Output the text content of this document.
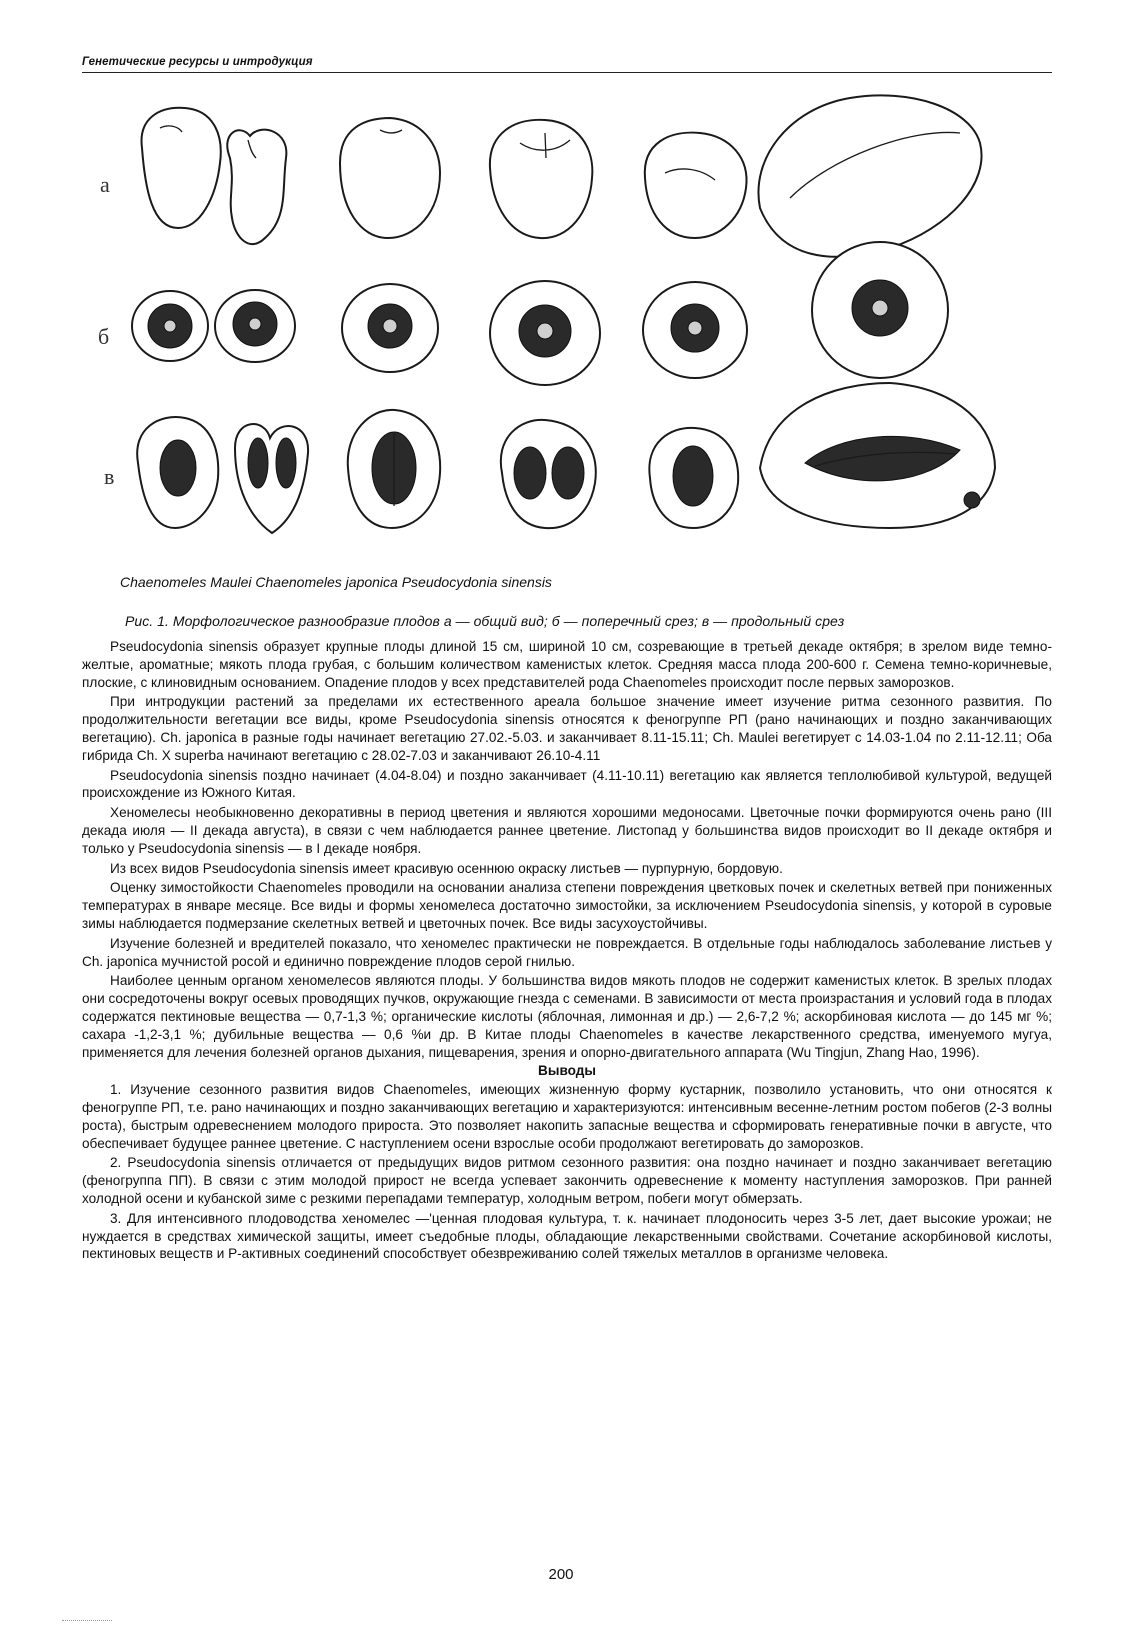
Генетические ресурсы и интродукция
а
б
в
Chaenomeles Maulei Chaenomeles japonica Pseudocydonia sinensis
Рис. 1. Морфологическое разнообразие плодов а — общий вид; б — поперечный срез; в — продольный срез

Pseudocydonia sinensis образует крупные плоды длиной 15 см, шириной 10 см, созревающие в третьей декаде октября; в зрелом виде темно-желтые, ароматные; мякоть плода грубая, с большим количеством каменистых клеток. Средняя масса плода 200-600 г. Семена темно-коричневые, плоские, с клиновидным основанием. Опадение плодов у всех представителей рода Chaenomeles происходит после первых заморозков.

При интродукции растений за пределами их естественного ареала большое значение имеет изучение ритма сезонного развития. По продолжительности вегетации все виды, кроме Pseudocydonia sinensis относятся к феногруппе РП (рано начинающих и поздно заканчивающих вегетацию). Ch. japonica в разные годы начинает вегетацию 27.02.-5.03. и заканчивает 8.11-15.11; Ch. Maulei вегетирует с 14.03-1.04 по 2.11-12.11; Оба гибрида Ch. X superba начинают вегетацию с 28.02-7.03 и заканчивают 26.10-4.11

Pseudocydonia sinensis поздно начинает (4.04-8.04) и поздно заканчивает (4.11-10.11) вегетацию как является теплолюбивой культурой, ведущей происхождение из Южного Китая.

Хеномелесы необыкновенно декоративны в период цветения и являются хорошими медоносами. Цветочные почки формируются очень рано (III декада июля — II декада августа), в связи с чем наблюдается раннее цветение. Листопад у большинства видов происходит во II декаде октября и только у Pseudocydonia sinensis — в I декаде ноября.

Из всех видов Pseudocydonia sinensis имеет красивую осеннюю окраску листьев — пурпурную, бордовую.

Оценку зимостойкости Chaenomeles проводили на основании анализа степени повреждения цветковых почек и скелетных ветвей при пониженных температурах в январе месяце. Все виды и формы хеномелеса достаточно зимостойки, за исключением Pseudocydonia sinensis, у которой в суровые зимы наблюдается подмерзание скелетных ветвей и цветочных почек. Все виды засухоустойчивы.

Изучение болезней и вредителей показало, что хеномелес практически не повреждается. В отдельные годы наблюдалось заболевание листьев у Ch. japonica мучнистой росой и единично повреждение плодов серой гнилью.

Наиболее ценным органом хеномелесов являются плоды. У большинства видов мякоть плодов не содержит каменистых клеток. В зрелых плодах они сосредоточены вокруг осевых проводящих пучков, окружающие гнезда с семенами. В зависимости от места произрастания и условий года в плодах содержатся пектиновые вещества — 0,7-1,3 %; органические кислоты (яблочная, лимонная и др.) — 2,6-7,2 %; аскорбиновая кислота — до 145 мг %; сахара -1,2-3,1 %; дубильные вещества — 0,6 %и др. В Китае плоды Chaenomeles в качестве лекарственного средства, именуемого мугуа, применяется для лечения болезней органов дыхания, пищеварения, зрения и опорно-двигательного аппарата (Wu Tingjun, Zhang Hao, 1996).

Выводы

1. Изучение сезонного развития видов Chaenomeles, имеющих жизненную форму кустарник, позволило установить, что они относятся к феногруппе РП, т.е. рано начинающих и поздно заканчивающих вегетацию и характеризуются: интенсивным весенне-летним ростом побегов (2-3 волны роста), быстрым одревеснением молодого прироста. Это позволяет накопить запасные вещества и сформировать генеративные почки в августе, что обеспечивает будущее раннее цветение. С наступлением осени взрослые особи продолжают вегетировать до заморозков.

2. Pseudocydonia sinensis отличается от предыдущих видов ритмом сезонного развития: она поздно начинает и поздно заканчивает вегетацию (феногруппа ПП). В связи с этим молодой прирост не всегда успевает закончить одревеснение к моменту наступления заморозков. При ранней холодной осени и кубанской зиме с резкими перепадами температур, холодным ветром, побеги могут обмерзать.

3. Для интенсивного плодоводства хеномелес —'ценная плодовая культура, т. к. начинает плодоносить через 3-5 лет, дает высокие урожаи; не нуждается в средствах химической защиты, имеет съедобные плоды, обладающие лекарственными свойствами. Сочетание аскорбиновой кислоты, пектиновых веществ и Р-активных соединений способствует обезвреживанию солей тяжелых металлов в организме человека.

200
